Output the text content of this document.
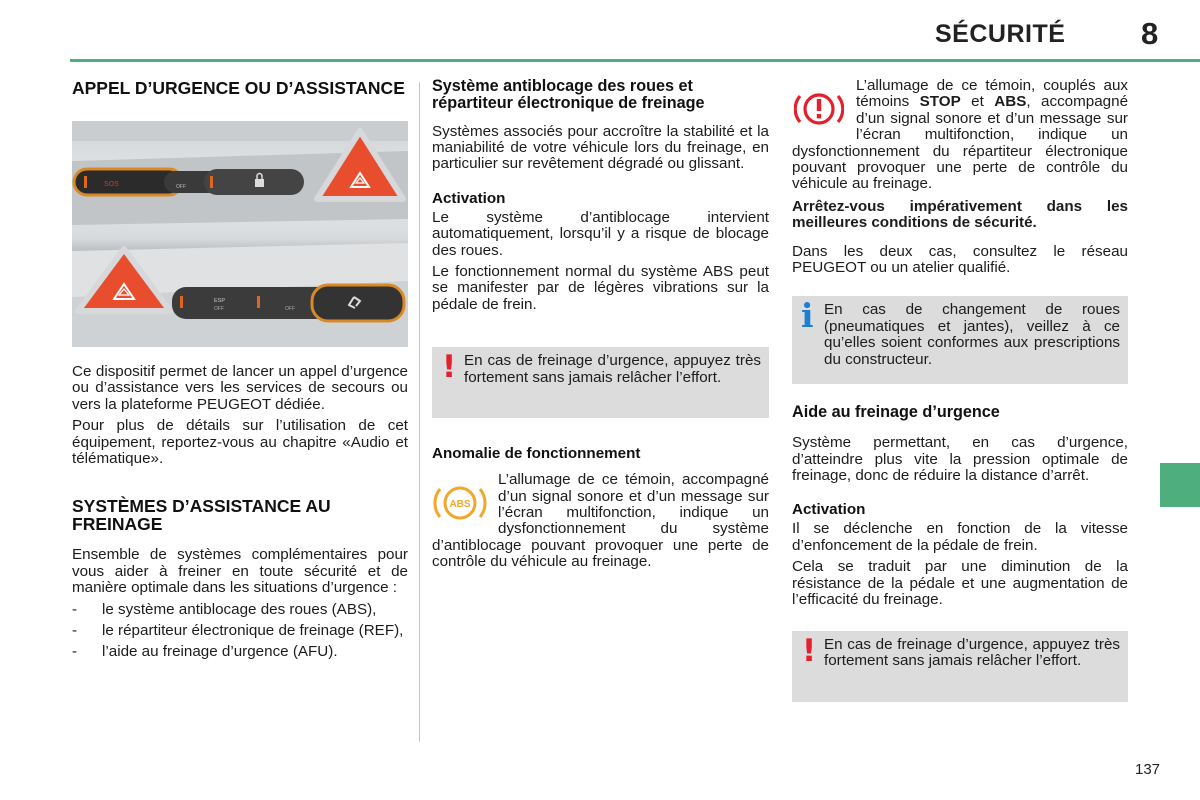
SÉCURITÉ 8
APPEL D’URGENCE OU D’ASSISTANCE
SOS	OFF
ESP
OFF	OFF
Ce dispositif permet de lancer un appel d’urgence ou d’assistance vers les services de secours ou vers la plateforme PEUGEOT dédiée.
Pour plus de détails sur l’utilisation de cet équipement, reportez-vous au chapitre «Audio et télématique».
SYSTÈMES D’ASSISTANCE AU FREINAGE
Ensemble de systèmes complémentaires pour vous aider à freiner en toute sécurité et de manière optimale dans les situations d’urgence :
-	le système antiblocage des roues (ABS),
-	le répartiteur électronique de freinage (REF),
-	l’aide au freinage d’urgence (AFU).
Système antiblocage des roues et répartiteur électronique de freinage
Systèmes associés pour accroître la stabilité et la maniabilité de votre véhicule lors du freinage, en particulier sur revêtement dégradé ou glissant.
Activation
Le système d’antiblocage intervient automatiquement, lorsqu’il y a risque de blocage des roues.
Le fonctionnement normal du système ABS peut se manifester par de légères vibrations sur la pédale de frein.
! En cas de freinage d’urgence, appuyez très fortement sans jamais relâcher l’effort.
Anomalie de fonctionnement
ABS
L’allumage de ce témoin, accompagné d’un signal sonore et d’un message sur l’écran multifonction, indique un dysfonctionnement du système d’antiblocage pouvant provoquer une perte de contrôle du véhicule au freinage.
L’allumage de ce témoin, couplés aux témoins STOP et ABS, accompagné d’un signal sonore et d’un message sur l’écran multifonction, indique un dysfonctionnement du répartiteur électronique pouvant provoquer une perte de contrôle du véhicule au freinage.
Arrêtez-vous impérativement dans les meilleures conditions de sécurité.
Dans les deux cas, consultez le réseau PEUGEOT ou un atelier qualifié.
i En cas de changement de roues (pneumatiques et jantes), veillez à ce qu’elles soient conformes aux prescriptions du constructeur.
Aide au freinage d’urgence
Système permettant, en cas d’urgence, d’atteindre plus vite la pression optimale de freinage, donc de réduire la distance d’arrêt.
Activation
Il se déclenche en fonction de la vitesse d’enfoncement de la pédale de frein.
Cela se traduit par une diminution de la résistance de la pédale et une augmentation de l’efficacité du freinage.
! En cas de freinage d’urgence, appuyez très fortement sans jamais relâcher l’effort.
137
